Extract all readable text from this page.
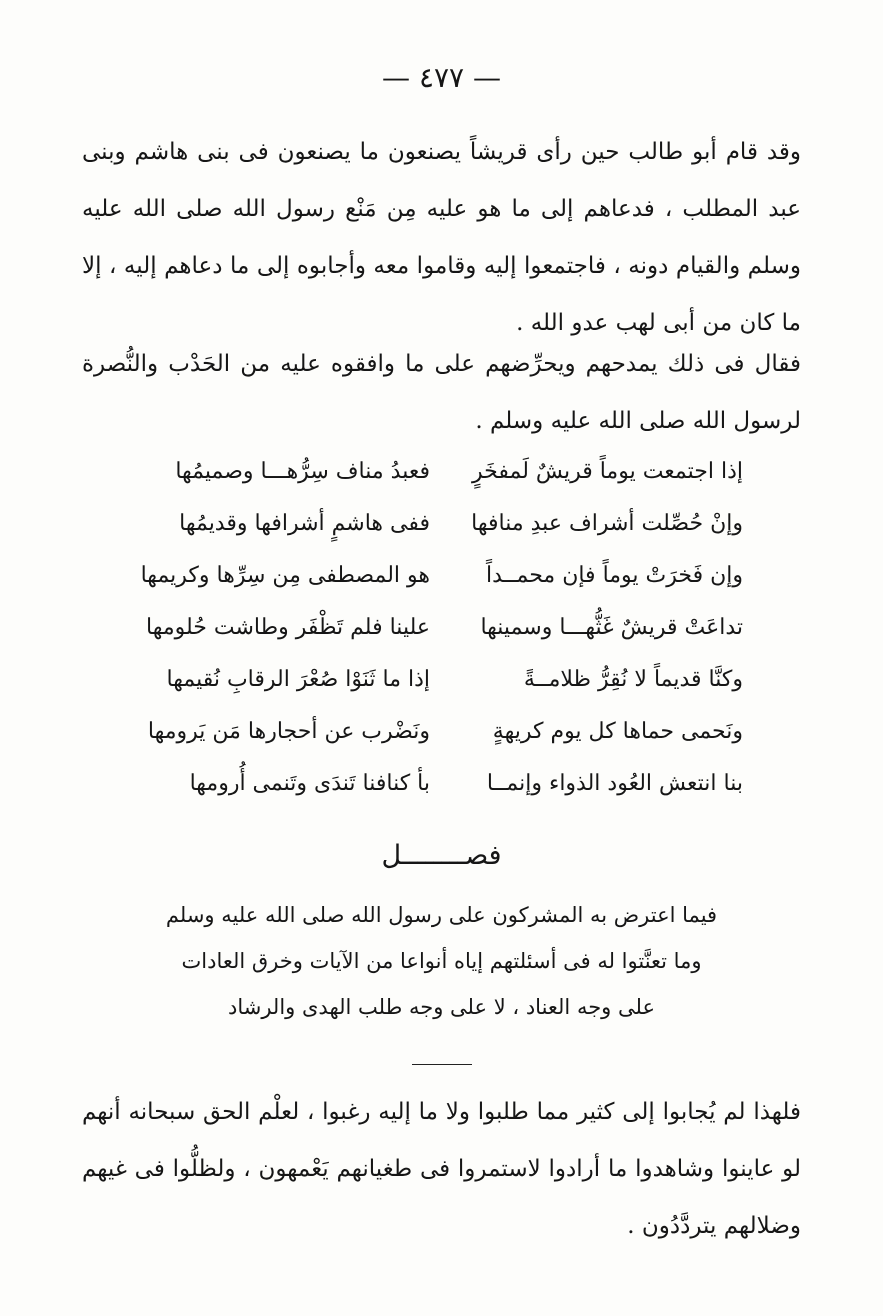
— ٤٧٧ —

وقد قام أبو طالب حين رأى قريشاً يصنعون ما يصنعون فى بنى هاشم وبنى عبد المطلب ، فدعاهم إلى ما هو عليه مِن مَنْع رسول الله صلى الله عليه وسلم والقيام دونه ، فاجتمعوا إليه وقاموا معه وأجابوه إلى ما دعاهم إليه ، إلا ما كان من أبى لهب عدو الله .

فقال فى ذلك يمدحهم ويحرِّضهم على ما وافقوه عليه من الحَدْب والنُّصرة لرسول الله صلى الله عليه وسلم .

إذا اجتمعت يوماً قريشٌ لَمفخَرٍ
فعبدُ مناف سِرُّهـــا وصميمُها
وإنْ حُصِّلت أشراف عبدِ منافها
ففى هاشمٍ أشرافها وقديمُها
وإن فَخرَتْ يوماً فإن محمــداً
هو المصطفى مِن سِرِّها وكريمها
تداعَتْ قريشٌ غَثُّهـــا وسمينها
علينا فلم تَظْفَر وطاشت حُلومها
وكنَّا قديماً لا نُقِرُّ ظلامــةً
إذا ما ثَنَوْا صُعْرَ الرقابِ نُقيمها
ونَحمى حماها كل يوم كريهةٍ
ونَضْرب عن أحجارها مَن يَرومها
بنا انتعش العُود الذواء وإنمــا
بأ كنافنا تَندَى وتَنمى أُرومها
فصــــــــل
فيما اعترض به المشركون على رسول الله صلى الله عليه وسلم
وما تعنَّتوا له فى أسئلتهم إياه أنواعا من الآيات وخرق العادات
على وجه العناد ، لا على وجه طلب الهدى والرشاد

فلهذا لم يُجابوا إلى كثير مما طلبوا ولا ما إليه رغبوا ، لعلْم الحق سبحانه أنهم لو عاينوا وشاهدوا ما أرادوا لاستمروا فى طغيانهم يَعْمهون ، ولظلُّوا فى غيهم وضلالهم يتردَّدُون .
